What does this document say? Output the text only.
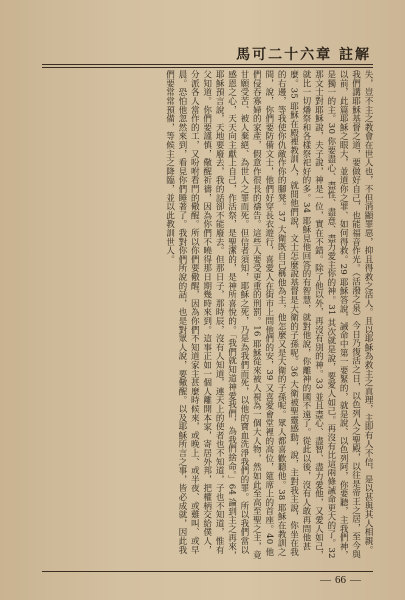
馬可二十六章 註解

失，豈不主之教會在世人也，不但消顯罪惡，抑且得救之活人。且以耶穌為救主之真理，主即有人不信，是以甚與其人相親。我們講耶穌基督之道，要做好自己，也能福音作光。（活潑之泉）今日乃復活之日，以色列人之聖殿，以往是帝王之居，至今與以前，此篇耶穌之眼大，並道你之罪、如何得救。29 耶穌答說，誡命中第一要緊的，就是說、以色列阿，你要聽，主我們神，是獨一的主。30 你要盡心、盡性、盡意、盡力愛主你的神。31 其次就是說，要愛人如己。再沒有比這兩條誡命更大的了。32 那文士對耶穌說，夫子說，神是一位，實在不錯。除了他以外，再沒有別的神。33 並且盡心、盡智、盡力愛他，又愛人如己，就比一切燔祭和各樣祭祀好的多。34 耶穌見他回答的有智慧，就對他說，你離神的國不遠了。從此以後，沒有人敢再問他甚麼。35 耶穌在殿裡教訓人，就問他們說，文士怎麼說基督是大衛的子孫呢。36 大衛被聖靈感動，說，主對我主說，你坐在我的右邊，等我使你仇敵作你的腳凳。37 大衛既自己稱他為主，他怎麼又是大衛的子孫呢。眾人都喜歡聽他。38 耶穌在教訓之間，說，你們要防備文士，他們好穿長衣遊行，喜愛人在街市上問他們的安，39 又喜愛會堂裡的高位，筵席上的首座。40 他們侵吞寡婦的家產，假意作很長的禱告。這些人要受更重的刑罰。16 耶穌從來被人視為一個大人物，然如此至高至聖之主，竟甘願受苦、被人棄絕、為世人之罪而死。但信者須知，耶穌之死，乃是為我們而死，以他的寶血洗淨我們的罪。所以我們當以感恩之心，天天向主獻上自己，作活祭，是聖潔的，是神所喜悅的。「我們就知道神愛我們，為我們捨命。」64 論到主之再來，耶穌預言說，天地要廢去，我的話卻不能廢去。但那日子，那時辰，沒有人知道，連天上的使者也不知道，子也不知道，惟有父知道。你們要謹慎，儆醒祈禱，因為你們不曉得那日期幾時來到。這事正如一個人離開本家，寄居外邦，把權柄交給僕人，分派各人當作的工，又吩咐看門的儆醒。所以你們要儆醒，因為你們不知道家主甚麼時候來，或晚上、或半夜、或雞叫、或早晨。恐怕他忽然來到，看見你們睡著了。我對你們所說的話，也是對眾人說，要儆醒。以及耶穌所言之事，皆必成就，因此我們要常常預備，等候主之降臨，並以此教訓世人。

— 66 —
